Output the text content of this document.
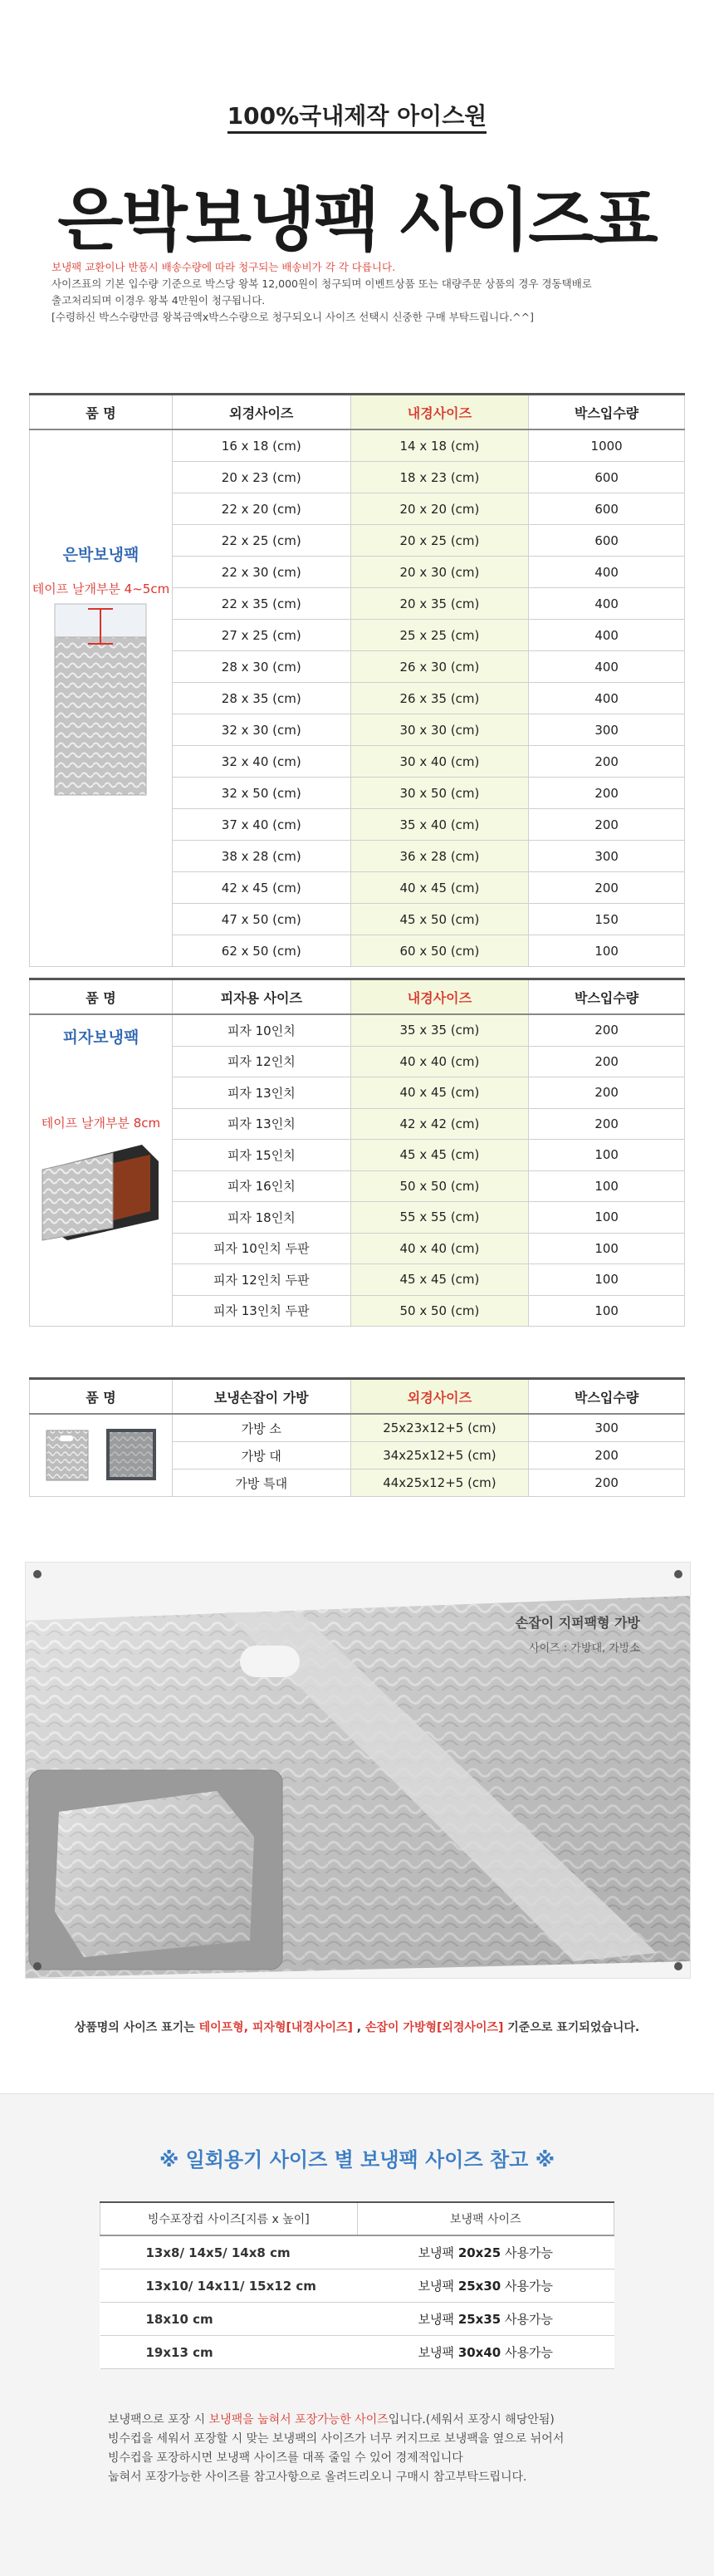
100%국내제작 아이스원
은박보냉팩 사이즈표
보냉팩 교환이나 반품시 배송수량에 따라 청구되는 배송비가 각 각 다릅니다.
사이즈표의 기본 입수량 기준으로 박스당 왕복 12,000원이 청구되며 이벤트상품 또는 대량주문 상품의 경우 경동택배로
출고처리되며 이경우 왕복 4만원이 청구됩니다.
[수령하신 박스수량만큼 왕복금액x박스수량으로 청구되오니 사이즈 선택시 신중한 구매 부탁드립니다.^^]
품 명	외경사이즈	내경사이즈	박스입수량

은박보냉팩
테이프 날개부분 4~5cm	16 x 18 (cm)	14 x 18 (cm)	1000
	20 x 23 (cm)	18 x 23 (cm)	600
	22 x 20 (cm)	20 x 20 (cm)	600
	22 x 25 (cm)	20 x 25 (cm)	600
	22 x 30 (cm)	20 x 30 (cm)	400
	22 x 35 (cm)	20 x 35 (cm)	400
	27 x 25 (cm)	25 x 25 (cm)	400
	28 x 30 (cm)	26 x 30 (cm)	400
	28 x 35 (cm)	26 x 35 (cm)	400
	32 x 30 (cm)	30 x 30 (cm)	300
	32 x 40 (cm)	30 x 40 (cm)	200
	32 x 50 (cm)	30 x 50 (cm)	200
	37 x 40 (cm)	35 x 40 (cm)	200
	38 x 28 (cm)	36 x 28 (cm)	300
	42 x 45 (cm)	40 x 45 (cm)	200
	47 x 50 (cm)	45 x 50 (cm)	150
	62 x 50 (cm)	60 x 50 (cm)	100
품 명	피자용 사이즈	내경사이즈	박스입수량

피자보냉팩
테이프 날개부분 8cm	피자 10인치	35 x 35 (cm)	200
	피자 12인치	40 x 40 (cm)	200
	피자 13인치	40 x 45 (cm)	200
	피자 13인치	42 x 42 (cm)	200
	피자 15인치	45 x 45 (cm)	100
	피자 16인치	50 x 50 (cm)	100
	피자 18인치	55 x 55 (cm)	100
	피자 10인치 두판	40 x 40 (cm)	100
	피자 12인치 두판	45 x 45 (cm)	100
	피자 13인치 두판	50 x 50 (cm)	100
품 명	보냉손잡이 가방	외경사이즈	박스입수량

	가방 소	25x23x12+5 (cm)	300
	가방 대	34x25x12+5 (cm)	200
	가방 특대	44x25x12+5 (cm)	200
손잡이 지퍼팩형 가방
사이즈 : 가방대, 가방소
상품명의 사이즈 표기는 테이프형, 피자형[내경사이즈] , 손잡이 가방형[외경사이즈] 기준으로 표기되었습니다.
※ 일회용기 사이즈 별 보냉팩 사이즈 참고 ※
빙수포장컵 사이즈[지름 x 높이]	보냉팩 사이즈
13x8/ 14x5/ 14x8 cm	보냉팩 20x25 사용가능
13x10/ 14x11/ 15x12 cm	보냉팩 25x30 사용가능
18x10 cm	보냉팩 25x35 사용가능
19x13 cm	보냉팩 30x40 사용가능
보냉팩으로 포장 시 보냉팩을 눕혀서 포장가능한 사이즈입니다.(세워서 포장시 해당안됨)
빙수컵을 세워서 포장할 시 맞는 보냉팩의 사이즈가 너무 커지므로 보냉팩을 옆으로 뉘어서
빙수컵을 포장하시면 보냉팩 사이즈를 대폭 줄일 수 있어 경제적입니다
눕혀서 포장가능한 사이즈를 참고사항으로 올려드리오니 구매시 참고부탁드립니다.
